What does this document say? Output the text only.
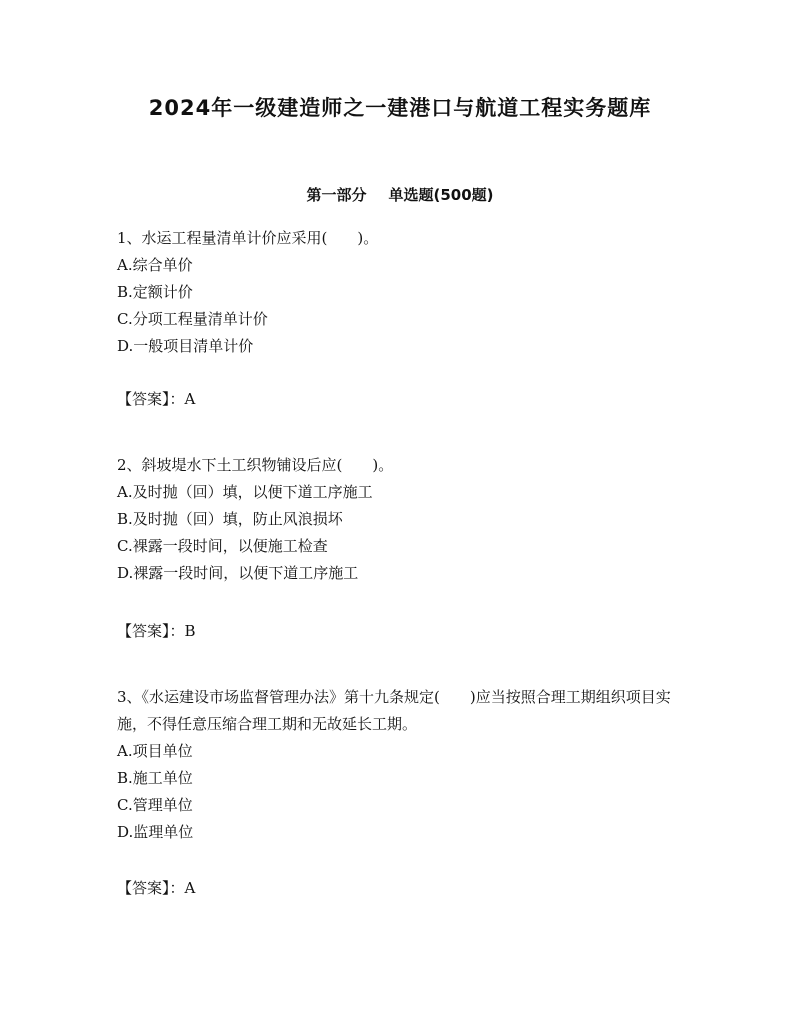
2024年一级建造师之一建港口与航道工程实务题库
第一部分 单选题(500题)
1、水运工程量清单计价应采用(　　)。
A.综合单价
B.定额计价
C.分项工程量清单计价
D.一般项目清单计价
【答案】：A
2、斜坡堤水下土工织物铺设后应(　　)。
A.及时抛（回）填，以便下道工序施工
B.及时抛（回）填，防止风浪损坏
C.裸露一段时间，以便施工检查
D.裸露一段时间，以便下道工序施工
【答案】：B
3、《水运建设市场监督管理办法》第十九条规定(　　)应当按照合理工期组织项目实施，不得任意压缩合理工期和无故延长工期。
A.项目单位
B.施工单位
C.管理单位
D.监理单位
【答案】：A
